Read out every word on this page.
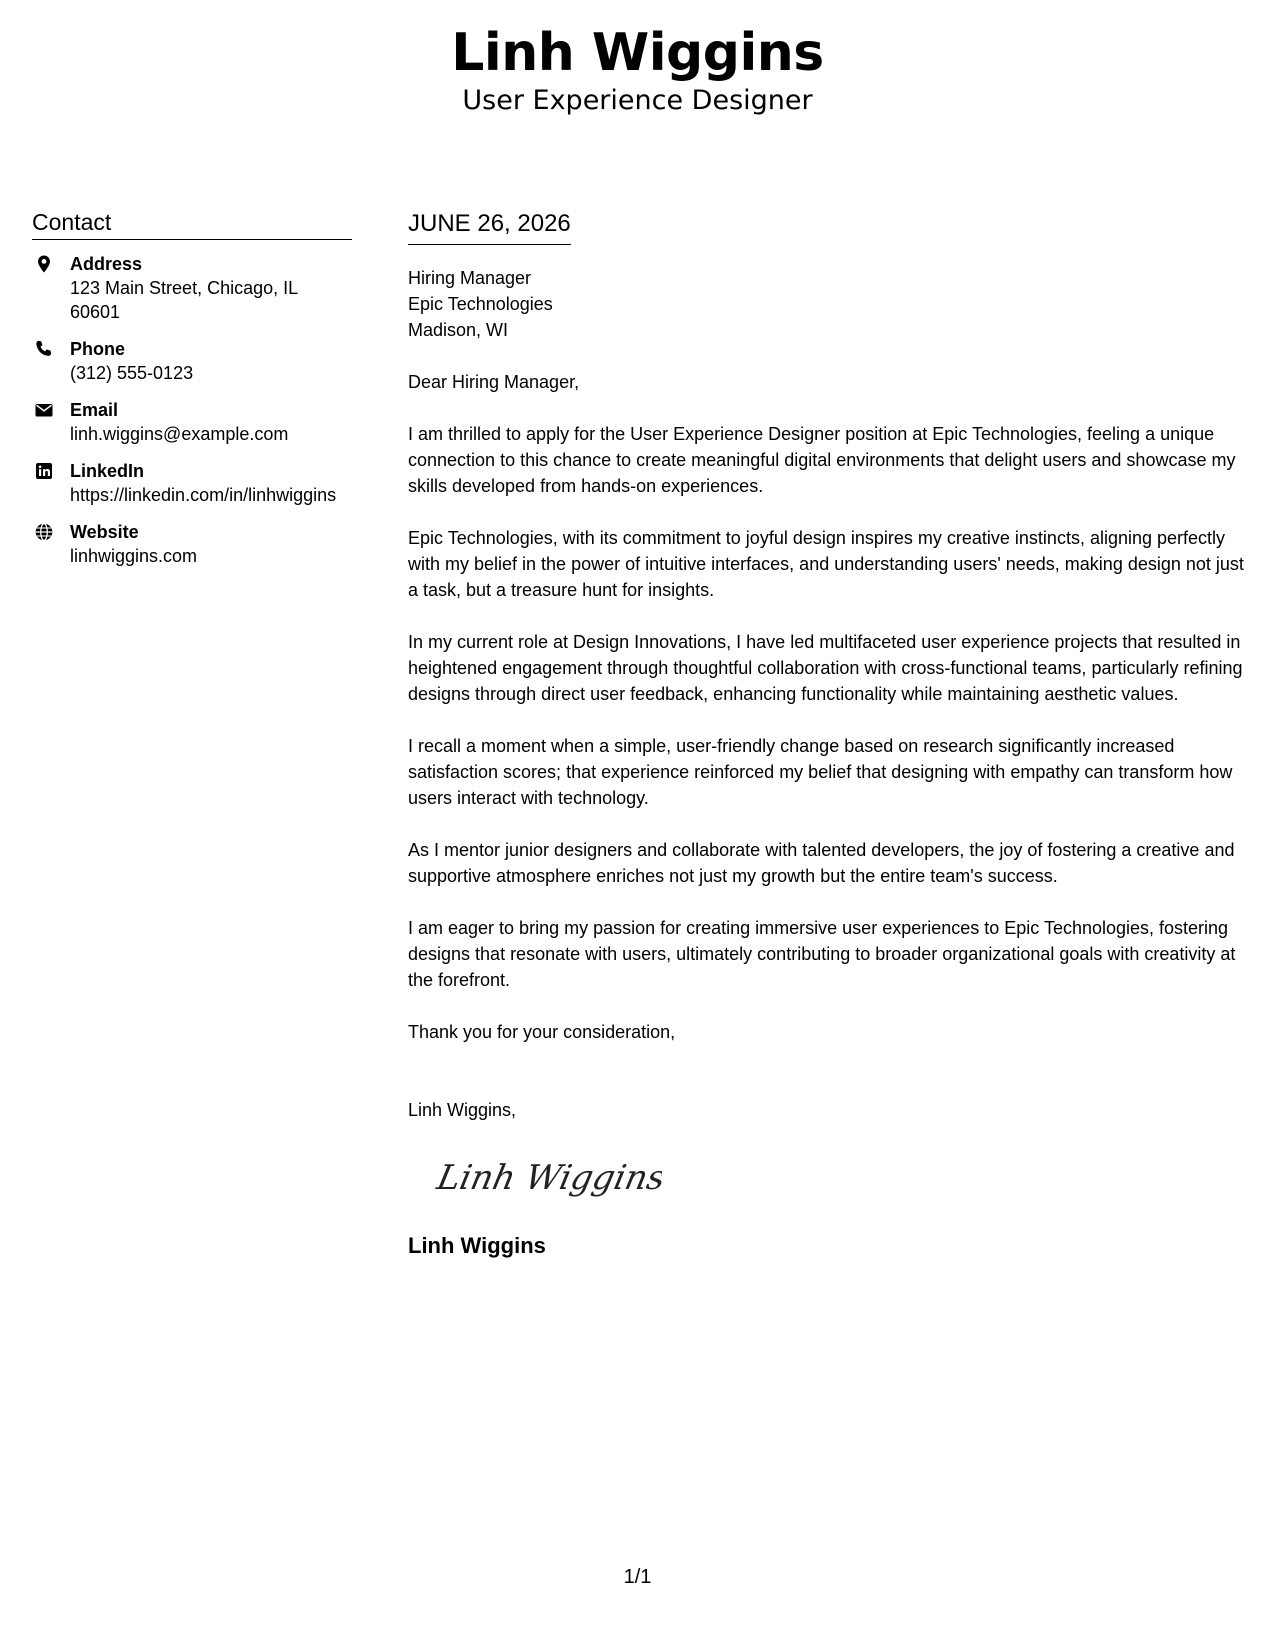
Linh Wiggins
User Experience Designer
Contact
Address
123 Main Street, Chicago, IL 60601
Phone
(312) 555-0123
Email
linh.wiggins@example.com
LinkedIn
https://linkedin.com/in/linhwiggins
Website
linhwiggins.com
JUNE 26, 2026
Hiring Manager
Epic Technologies
Madison, WI

Dear Hiring Manager,

I am thrilled to apply for the User Experience Designer position at Epic Technologies, feeling a unique connection to this chance to create meaningful digital environments that delight users and showcase my skills developed from hands-on experiences.

Epic Technologies, with its commitment to joyful design inspires my creative instincts, aligning perfectly with my belief in the power of intuitive interfaces, and understanding users' needs, making design not just a task, but a treasure hunt for insights.

In my current role at Design Innovations, I have led multifaceted user experience projects that resulted in heightened engagement through thoughtful collaboration with cross-functional teams, particularly refining designs through direct user feedback, enhancing functionality while maintaining aesthetic values.

I recall a moment when a simple, user-friendly change based on research significantly increased satisfaction scores; that experience reinforced my belief that designing with empathy can transform how users interact with technology.

As I mentor junior designers and collaborate with talented developers, the joy of fostering a creative and supportive atmosphere enriches not just my growth but the entire team's success.

I am eager to bring my passion for creating immersive user experiences to Epic Technologies, fostering designs that resonate with users, ultimately contributing to broader organizational goals with creativity at the forefront.

Thank you for your consideration,

Linh Wiggins,

Linh Wiggins
Linh Wiggins
1/1
